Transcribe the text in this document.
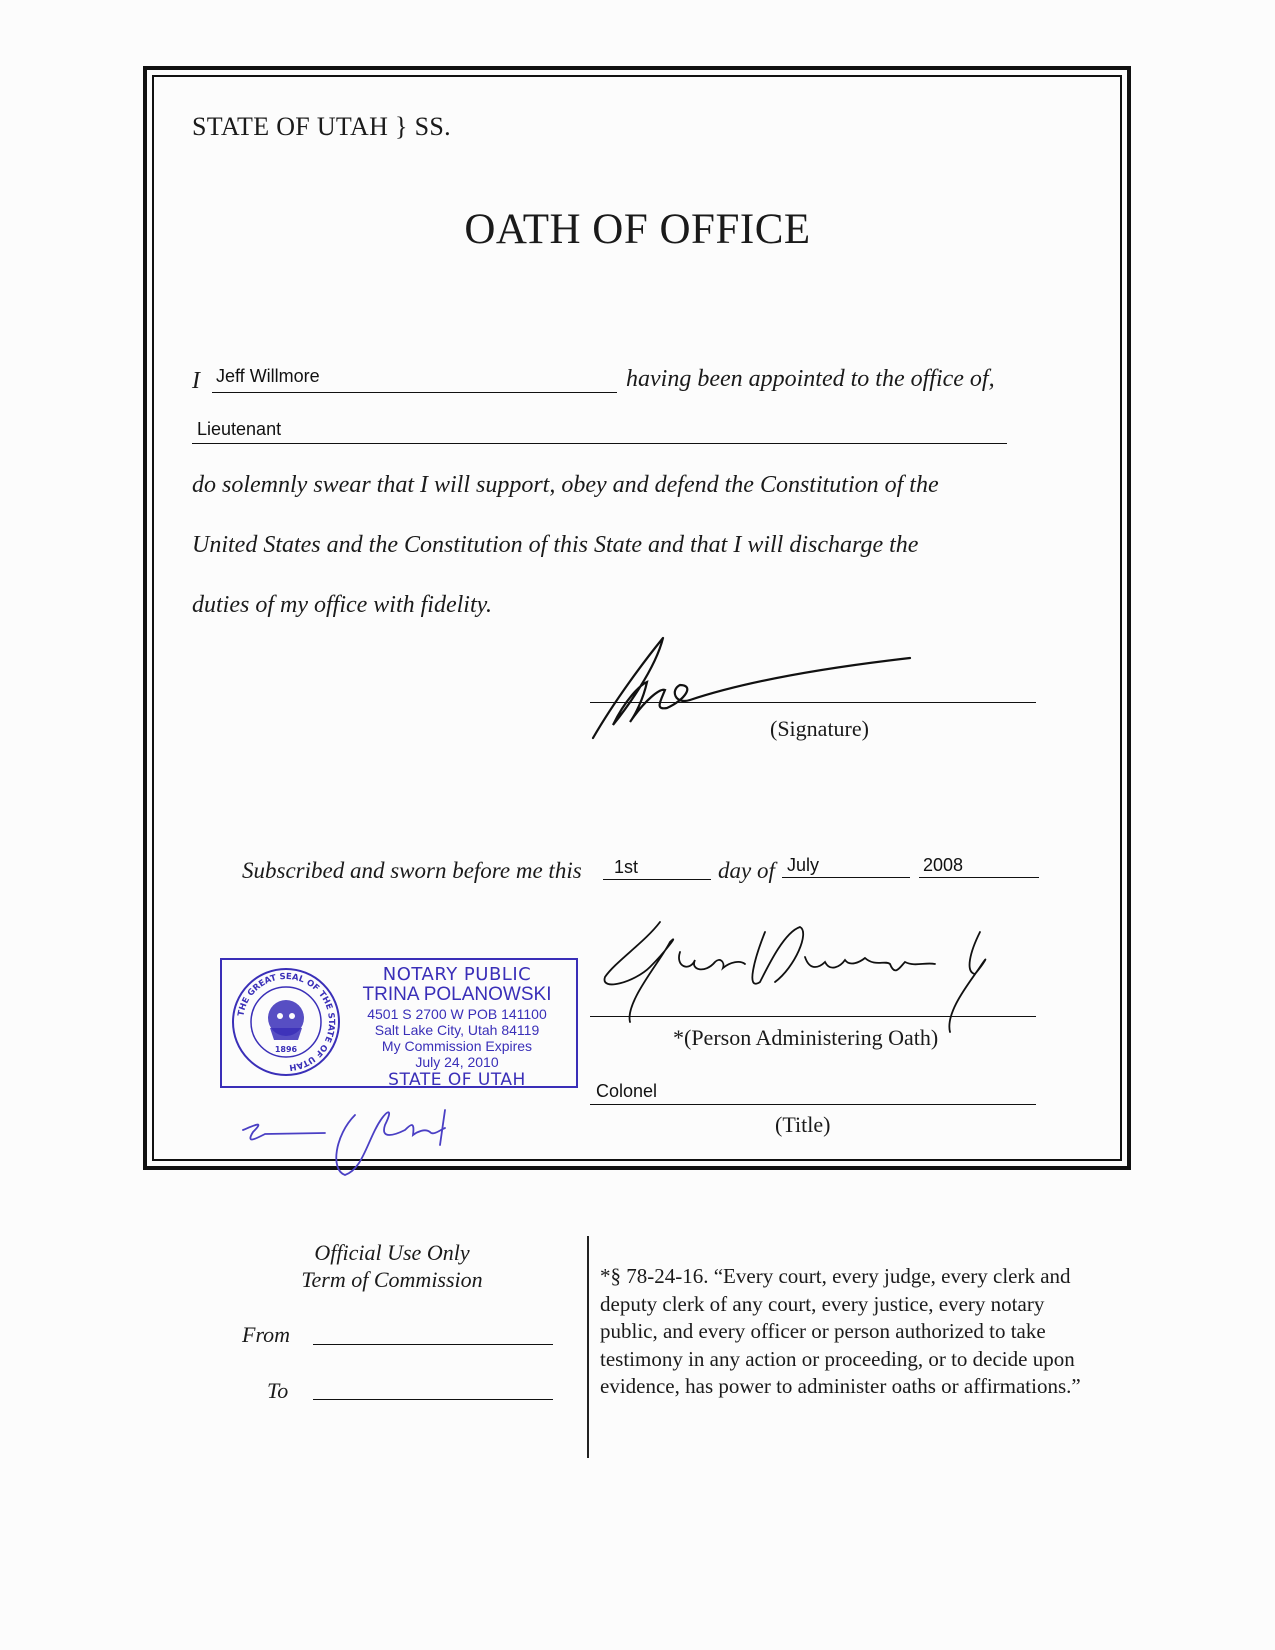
STATE OF UTAH } SS.
OATH OF OFFICE
I Jeff Willmore	having been appointed to the office of,
Lieutenant
do solemnly swear that I will support, obey and defend the Constitution of the
United States and the Constitution of this State and that I will discharge the
duties of my office with fidelity.
(Signature)
Subscribed and sworn before me this 1st	day of July	2008
NOTARY PUBLIC
TRINA POLANOWSKI
4501 S 2700 W POB 141100
Salt Lake City, Utah 84119
My Commission Expires
July 24, 2010
STATE OF UTAH
THE GREAT SEAL OF THE STATE OF UTAH
1896	*(Person Administering Oath)
Colonel
(Title)
Official Use Only
Term of Commission
From
To
*§ 78-24-16. “Every court, every judge, every clerk and deputy clerk of any court, every justice, every notary public, and every officer or person authorized to take testimony in any action or proceeding, or to decide upon evidence, has power to administer oaths or affirmations.”
